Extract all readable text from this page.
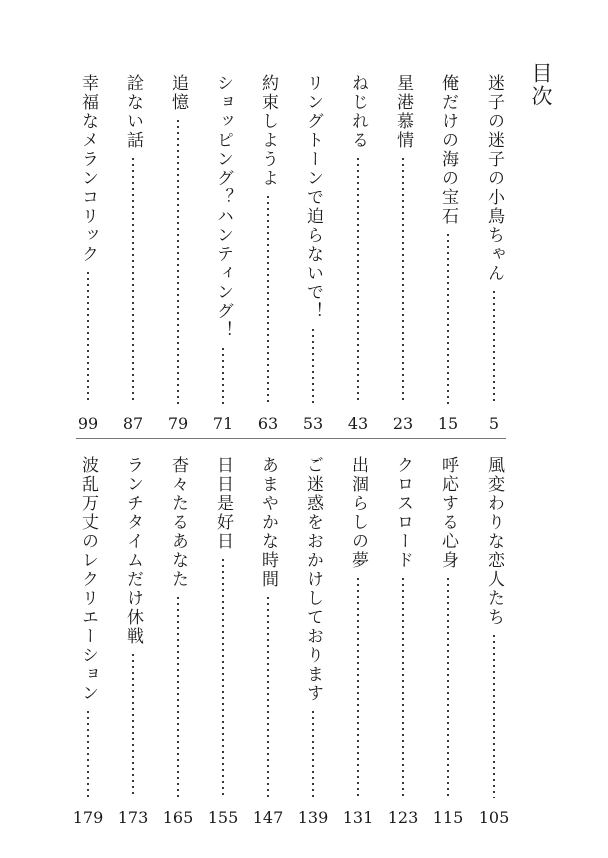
目次
迷子の迷子の小鳥ちゃん
5
俺だけの海の宝石
15
星港慕情
23
ねじれる
43
リングトーンで迫らないで！
53
約束しようよ
63
ショッピング？ハンティング！
71
追憶
79
詮ない話
87
幸福なメランコリック
99
風変わりな恋人たち
105
呼応する心身
115
クロスロード
123
出涸らしの夢
131
ご迷惑をおかけしております
139
あまやかな時間
147
日日是好日
155
杳々たるあなた
165
ランチタイムだけ休戦
173
波乱万丈のレクリエーション
179
